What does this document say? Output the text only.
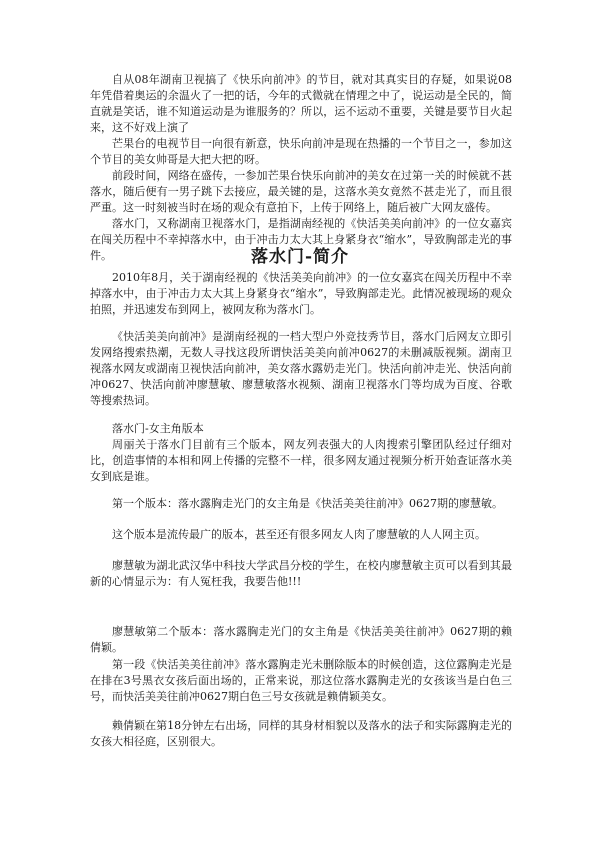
自从08年湖南卫视搞了《快乐向前冲》的节目，就对其真实目的存疑，如果说08年凭借着奥运的余温火了一把的话，今年的式微就在情理之中了，说运动是全民的，简直就是笑话，谁不知道运动是为谁服务的？所以，运不运动不重要，关键是要节目火起来，这不好戏上演了

芒果台的电视节目一向很有新意，快乐向前冲是现在热播的一个节目之一，参加这个节目的美女帅哥是大把大把的呀。

前段时间，网络在盛传，一参加芒果台快乐向前冲的美女在过第一关的时候就不甚落水，随后便有一男子跳下去接应，最关键的是，这落水美女竟然不甚走光了，而且很严重。这一时刻被当时在场的观众有意拍下，上传于网络上，随后被广大网友盛传。

落水门，又称湖南卫视落水门，是指湖南经视的《快活美美向前冲》的一位女嘉宾在闯关历程中不幸掉落水中，由于冲击力太大其上身紧身衣“缩水”，导致胸部走光的事件。	落水门-简介

2010年8月，关于湖南经视的《快活美美向前冲》的一位女嘉宾在闯关历程中不幸掉落水中，由于冲击力太大其上身紧身衣“缩水”，导致胸部走光。此情况被现场的观众拍照，并迅速发布到网上，被网友称为落水门。

《快活美美向前冲》是湖南经视的一档大型户外竞技秀节目，落水门后网友立即引发网络搜索热潮，无数人寻找这段所谓快活美美向前冲0627的未删减版视频。湖南卫视落水网友或湖南卫视快活向前冲，美女落水露奶走光门。快活向前冲走光、快活向前冲0627、快活向前冲廖慧敏、廖慧敏落水视频、湖南卫视落水门等均成为百度、谷歌等搜索热词。

落水门-女主角版本

周丽关于落水门目前有三个版本，网友列表强大的人肉搜索引擎团队经过仔细对比，创造事情的本相和网上传播的完整不一样，很多网友通过视频分析开始查证落水美女到底是谁。

第一个版本：落水露胸走光门的女主角是《快活美美往前冲》0627期的廖慧敏。

这个版本是流传最广的版本，甚至还有很多网友人肉了廖慧敏的人人网主页。

廖慧敏为湖北武汉华中科技大学武昌分校的学生，在校内廖慧敏主页可以看到其最新的心情显示为：有人冤枉我，我要告他!!!

廖慧敏第二个版本：落水露胸走光门的女主角是《快活美美往前冲》0627期的赖倩颖。

第一段《快活美美往前冲》落水露胸走光未删除版本的时候创造，这位露胸走光是在排在3号黑衣女孩后面出场的，正常来说，那这位落水露胸走光的女孩该当是白色三号，而快活美美往前冲0627期白色三号女孩就是赖倩颖美女。

赖倩颖在第18分钟左右出场，同样的其身材相貌以及落水的法子和实际露胸走光的女孩大相径庭，区别很大。
